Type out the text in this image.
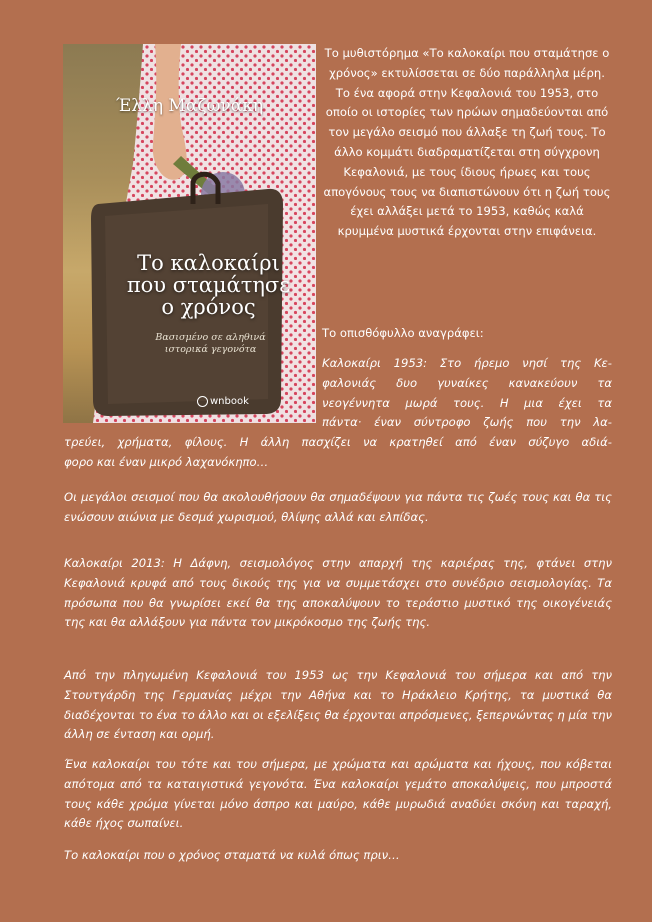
Έλλη Μαζωνάκη
Το καλοκαίρι
που σταμάτησε
ο χρόνος
Βασισμένο σε αληθινά
ιστορικά γεγονότα
wnbook

Το μυθιστόρημα «Το καλοκαίρι που σταμάτησε ο χρόνος» εκτυλίσσεται σε δύο παράλληλα μέρη. Το ένα αφορά στην Κεφαλονιά του 1953, στο οποίο οι ιστορίες των ηρώων σημαδεύονται από τον μεγάλο σεισμό που άλλαξε τη ζωή τους. Το άλλο κομμάτι διαδραματίζεται στη σύγχρονη Κεφαλονιά, με τους ίδιους ήρωες και τους απογόνους τους να διαπιστώνουν ότι η ζωή τους έχει αλλάξει μετά το 1953, καθώς καλά κρυμμένα μυστικά έρχονται στην επιφάνεια.

Το οπισθόφυλλο αναγράφει:

Καλοκαίρι 1953: Στο ήρεμο νησί της Κε-
φαλονιάς δυο γυναίκες κανακεύουν τα
νεογέννητα μωρά τους. Η μια έχει τα
πάντα· έναν σύντροφο ζωής που την λα-
τρεύει, χρήματα, φίλους. Η άλλη πασχίζει να κρατηθεί από έναν σύζυγο αδιά-
φορο και έναν μικρό λαχανόκηπο…

Οι μεγάλοι σεισμοί που θα ακολουθήσουν θα σημαδέψουν για πάντα τις ζωές τους και θα τις ενώσουν αιώνια με δεσμά χωρισμού, θλίψης αλλά και ελπίδας.

Καλοκαίρι 2013: Η Δάφνη, σεισμολόγος στην απαρχή της καριέρας της, φτάνει στην Κεφαλονιά κρυφά από τους δικούς της για να συμμετάσχει στο συνέδριο σεισμολογίας. Τα πρόσωπα που θα γνωρίσει εκεί θα της αποκαλύψουν το τεράστιο μυστικό της οικογένειάς της και θα αλλάξουν για πάντα τον μικρόκοσμο της ζωής της.

Από την πληγωμένη Κεφαλονιά του 1953 ως την Κεφαλονιά του σήμερα και από την Στουτγάρδη της Γερμανίας μέχρι την Αθήνα και το Ηράκλειο Κρήτης, τα μυστικά θα διαδέχονται το ένα το άλλο και οι εξελίξεις θα έρχονται απρόσμενες, ξεπερνώντας η μία την άλλη σε ένταση και ορμή.

Ένα καλοκαίρι του τότε και του σήμερα, με χρώματα και αρώματα και ήχους, που κόβεται απότομα από τα καταιγιστικά γεγονότα. Ένα καλοκαίρι γεμάτο αποκαλύψεις, που μπροστά τους κάθε χρώμα γίνεται μόνο άσπρο και μαύρο, κάθε μυρωδιά αναδύει σκόνη και ταραχή, κάθε ήχος σωπαίνει.

Το καλοκαίρι που ο χρόνος σταματά να κυλά όπως πριν…
